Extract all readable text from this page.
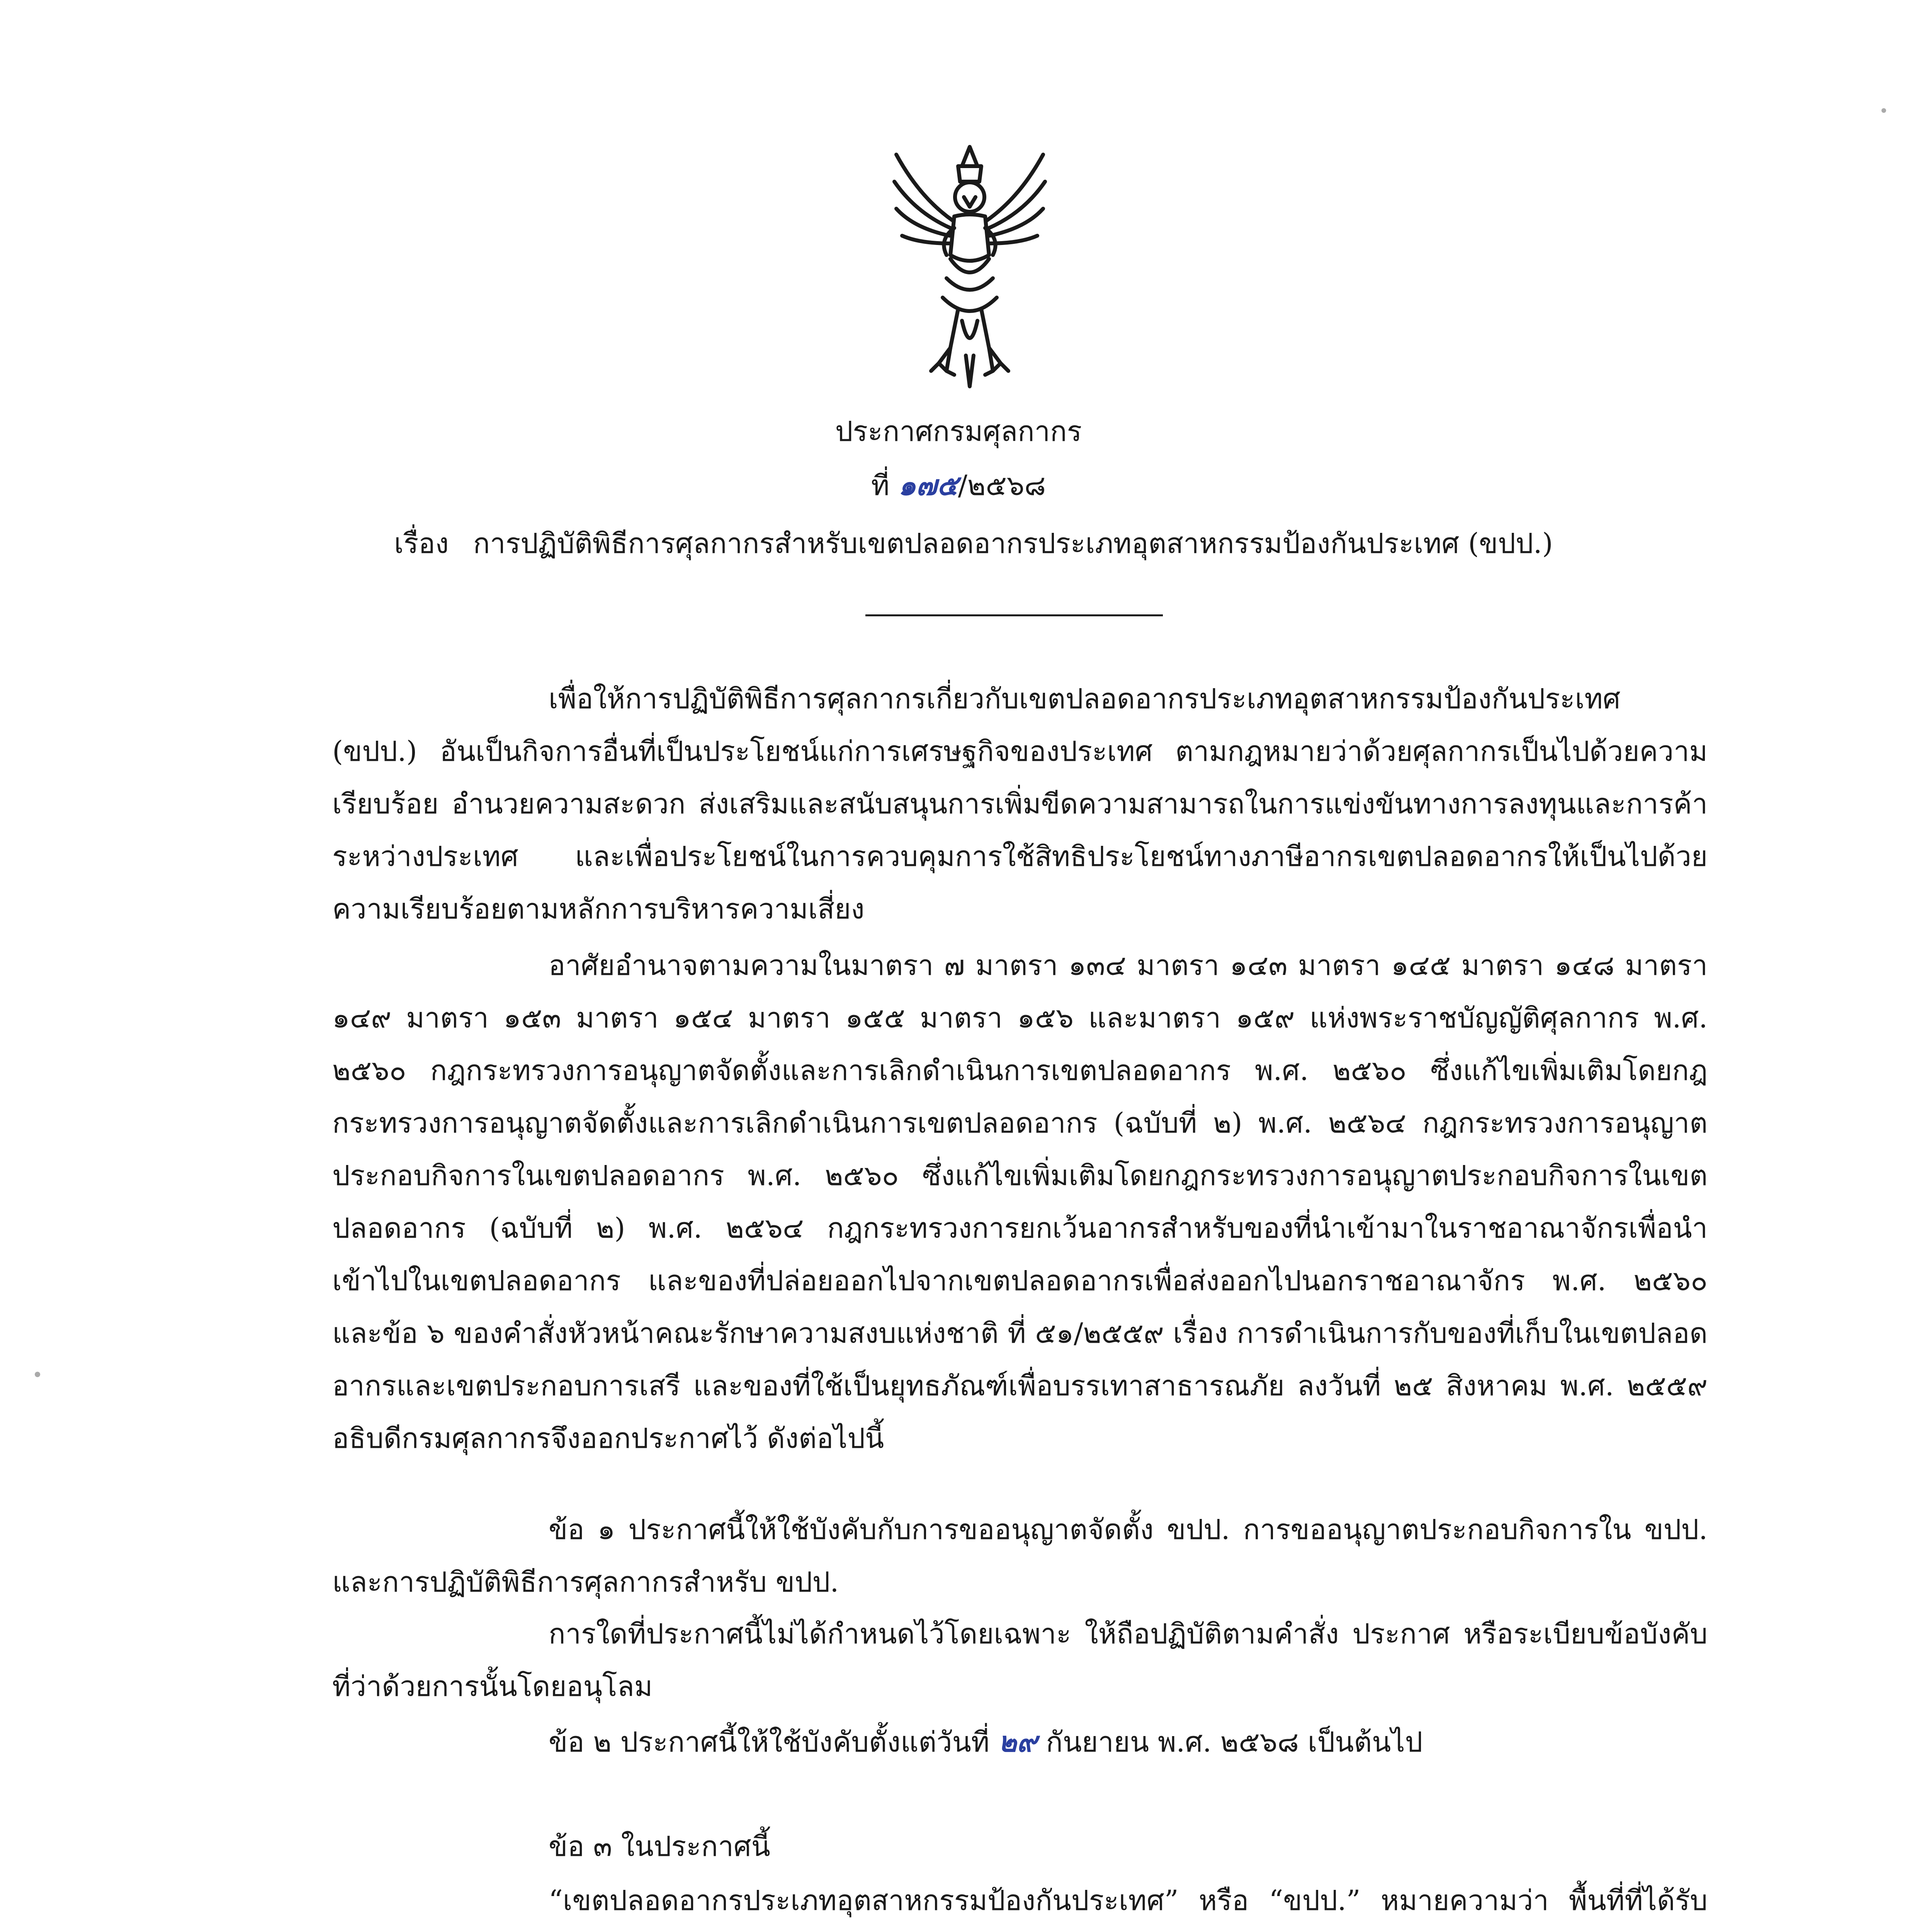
ประกาศกรมศุลกากร
ที่ ๑๗๕/๒๕๖๘
เรื่อง การปฏิบัติพิธีการศุลกากรสำหรับเขตปลอดอากรประเภทอุตสาหกรรมป้องกันประเทศ (ขปป.)

เพื่อให้การปฏิบัติพิธีการศุลกากรเกี่ยวกับเขตปลอดอากรประเภทอุตสาหกรรมป้องกันประเทศ (ขปป.) อันเป็นกิจการอื่นที่เป็นประโยชน์แก่การเศรษฐกิจของประเทศ ตามกฎหมายว่าด้วยศุลกากรเป็นไปด้วยความเรียบร้อย อำนวยความสะดวก ส่งเสริมและสนับสนุนการเพิ่มขีดความสามารถในการแข่งขันทางการลงทุนและการค้าระหว่างประเทศ และเพื่อประโยชน์ในการควบคุมการใช้สิทธิประโยชน์ทางภาษีอากรเขตปลอดอากรให้เป็นไปด้วยความเรียบร้อยตามหลักการบริหารความเสี่ยง

อาศัยอำนาจตามความในมาตรา ๗ มาตรา ๑๓๔ มาตรา ๑๔๓ มาตรา ๑๔๕ มาตรา ๑๔๘ มาตรา ๑๔๙ มาตรา ๑๕๓ มาตรา ๑๕๔ มาตรา ๑๕๕ มาตรา ๑๕๖ และมาตรา ๑๕๙ แห่งพระราชบัญญัติศุลกากร พ.ศ. ๒๕๖๐ กฎกระทรวงการอนุญาตจัดตั้งและการเลิกดำเนินการเขตปลอดอากร พ.ศ. ๒๕๖๐ ซึ่งแก้ไขเพิ่มเติมโดยกฎกระทรวงการอนุญาตจัดตั้งและการเลิกดำเนินการเขตปลอดอากร (ฉบับที่ ๒) พ.ศ. ๒๕๖๔ กฎกระทรวงการอนุญาตประกอบกิจการในเขตปลอดอากร พ.ศ. ๒๕๖๐ ซึ่งแก้ไขเพิ่มเติมโดยกฎกระทรวงการอนุญาตประกอบกิจการในเขตปลอดอากร (ฉบับที่ ๒) พ.ศ. ๒๕๖๔ กฎกระทรวงการยกเว้นอากรสำหรับของที่นำเข้ามาในราชอาณาจักรเพื่อนำเข้าไปในเขตปลอดอากร และของที่ปล่อยออกไปจากเขตปลอดอากรเพื่อส่งออกไปนอกราชอาณาจักร พ.ศ. ๒๕๖๐ และข้อ ๖ ของคำสั่งหัวหน้าคณะรักษาความสงบแห่งชาติ ที่ ๕๑/๒๕๕๙ เรื่อง การดำเนินการกับของที่เก็บในเขตปลอดอากรและเขตประกอบการเสรี และของที่ใช้เป็นยุทธภัณฑ์เพื่อบรรเทาสาธารณภัย ลงวันที่ ๒๕ สิงหาคม พ.ศ. ๒๕๕๙ อธิบดีกรมศุลกากรจึงออกประกาศไว้ ดังต่อไปนี้

ข้อ ๑ ประกาศนี้ให้ใช้บังคับกับการขออนุญาตจัดตั้ง ขปป. การขออนุญาตประกอบกิจการใน ขปป. และการปฏิบัติพิธีการศุลกากรสำหรับ ขปป.

การใดที่ประกาศนี้ไม่ได้กำหนดไว้โดยเฉพาะ ให้ถือปฏิบัติตามคำสั่ง ประกาศ หรือระเบียบข้อบังคับที่ว่าด้วยการนั้นโดยอนุโลม

ข้อ ๒ ประกาศนี้ให้ใช้บังคับตั้งแต่วันที่ ๒๙ กันยายน พ.ศ. ๒๕๖๘ เป็นต้นไป

ข้อ ๓ ในประกาศนี้

“เขตปลอดอากรประเภทอุตสาหกรรมป้องกันประเทศ” หรือ “ขปป.” หมายความว่า พื้นที่ที่ได้รับ
